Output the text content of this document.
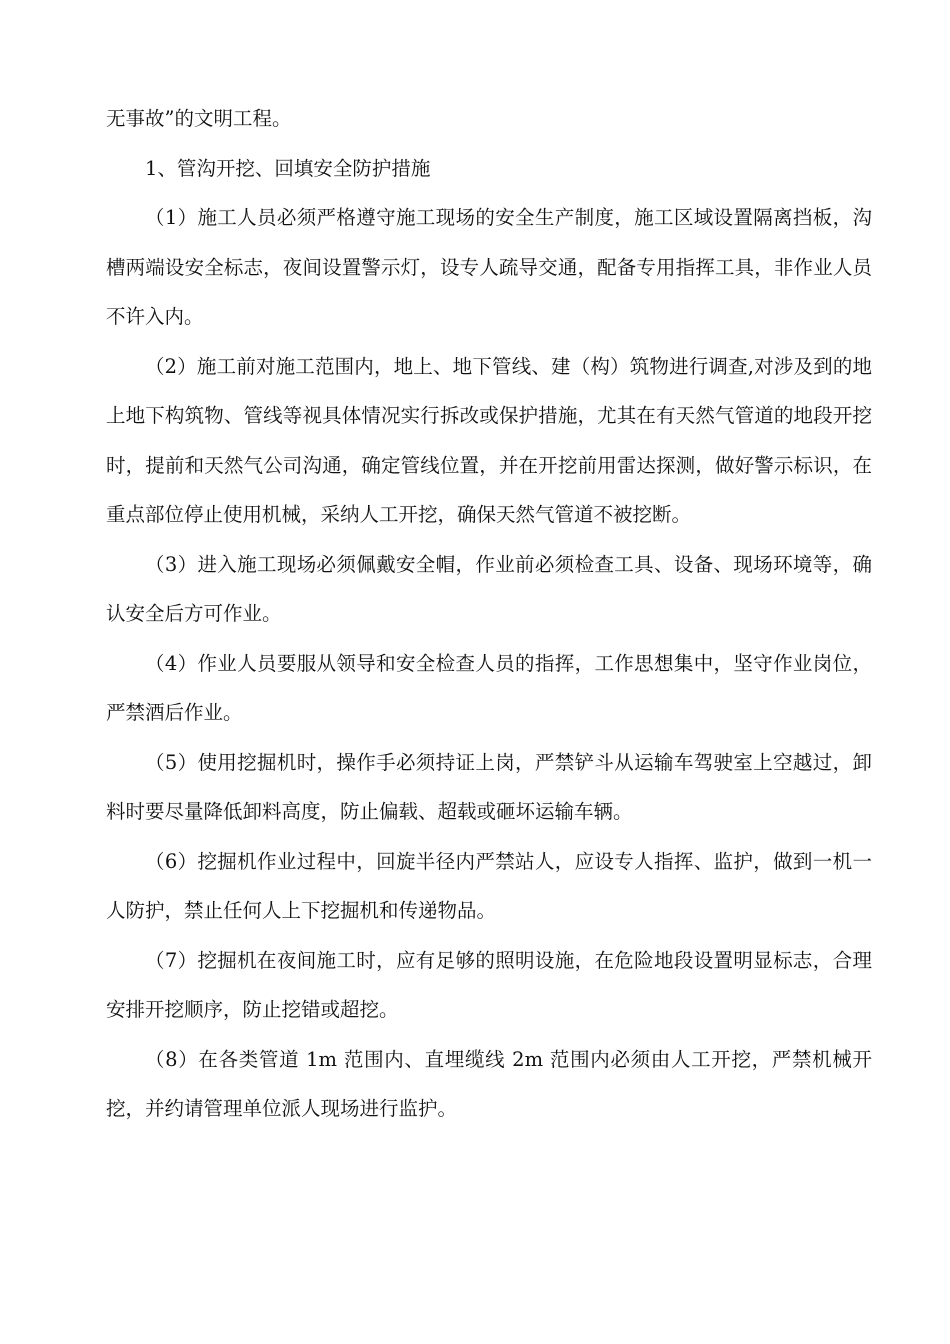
无事故”的文明工程。

1、管沟开挖、回填安全防护措施

（1）施工人员必须严格遵守施工现场的安全生产制度，施工区域设置隔离挡板，沟槽两端设安全标志，夜间设置警示灯，设专人疏导交通，配备专用指挥工具，非作业人员不许入内。

（2）施工前对施工范围内，地上、地下管线、建（构）筑物进行调查,对涉及到的地上地下构筑物、管线等视具体情况实行拆改或保护措施，尤其在有天然气管道的地段开挖时，提前和天然气公司沟通，确定管线位置，并在开挖前用雷达探测，做好警示标识，在重点部位停止使用机械，采纳人工开挖，确保天然气管道不被挖断。

（3）进入施工现场必须佩戴安全帽，作业前必须检查工具、设备、现场环境等，确认安全后方可作业。

（4）作业人员要服从领导和安全检查人员的指挥，工作思想集中，坚守作业岗位，严禁酒后作业。

（5）使用挖掘机时，操作手必须持证上岗，严禁铲斗从运输车驾驶室上空越过，卸料时要尽量降低卸料高度，防止偏载、超载或砸坏运输车辆。

（6）挖掘机作业过程中，回旋半径内严禁站人，应设专人指挥、监护，做到一机一人防护，禁止任何人上下挖掘机和传递物品。

（7）挖掘机在夜间施工时，应有足够的照明设施，在危险地段设置明显标志，合理安排开挖顺序，防止挖错或超挖。

（8）在各类管道 1m 范围内、直埋缆线 2m 范围内必须由人工开挖，严禁机械开挖，并约请管理单位派人现场进行监护。
